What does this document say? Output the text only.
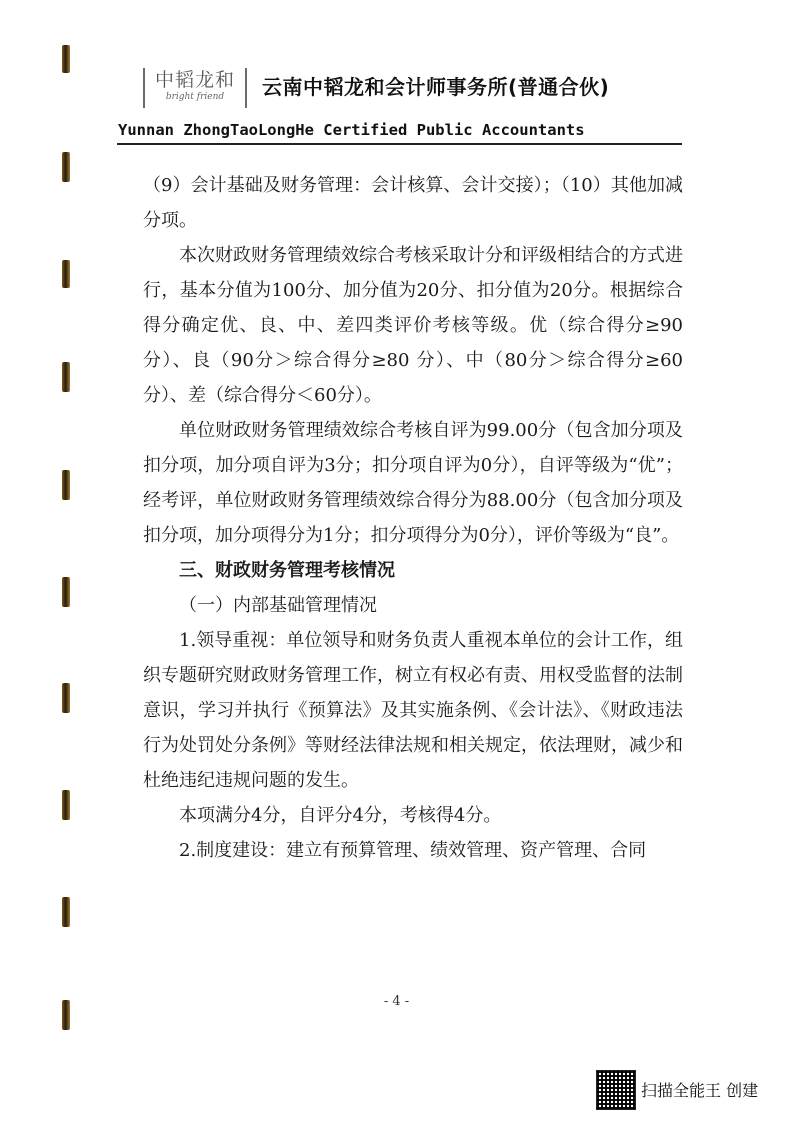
中韬龙和
bright friend	云南中韬龙和会计师事务所(普通合伙)
Yunnan ZhongTaoLongHe Certified Public Accountants

（9）会计基础及财务管理：会计核算、会计交接）；（10）其他加减分项。

本次财政财务管理绩效综合考核采取计分和评级相结合的方式进行，基本分值为100分、加分值为20分、扣分值为20分。根据综合得分确定优、良、中、差四类评价考核等级。优（综合得分≥90分）、良（90分＞综合得分≥80 分）、中（80分＞综合得分≥60分）、差（综合得分＜60分）。

单位财政财务管理绩效综合考核自评为99.00分（包含加分项及扣分项，加分项自评为3分；扣分项自评为0分），自评等级为“优”；经考评，单位财政财务管理绩效综合得分为88.00分（包含加分项及扣分项，加分项得分为1分；扣分项得分为0分），评价等级为“良”。

三、财政财务管理考核情况

（一）内部基础管理情况

1.领导重视：单位领导和财务负责人重视本单位的会计工作，组织专题研究财政财务管理工作，树立有权必有责、用权受监督的法制意识，学习并执行《预算法》及其实施条例、《会计法》、《财政违法行为处罚处分条例》等财经法律法规和相关规定，依法理财，减少和杜绝违纪违规问题的发生。

本项满分4分，自评分4分，考核得4分。

2.制度建设：建立有预算管理、绩效管理、资产管理、合同

- 4 -
扫描全能王 创建
